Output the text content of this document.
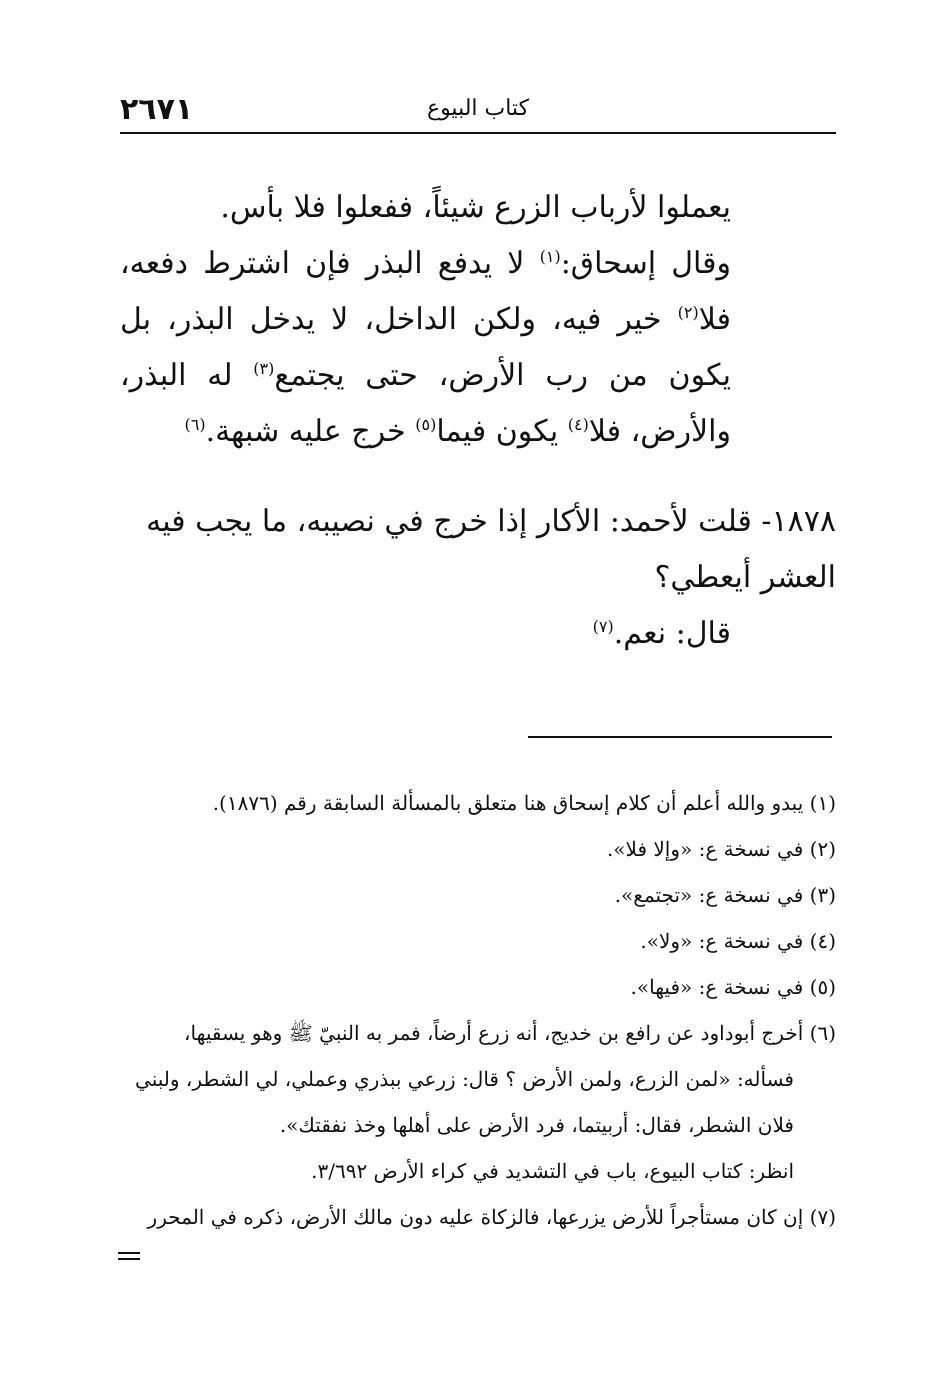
٢٦٧١	كتاب البيوع

يعملوا لأرباب الزرع شيئاً، ففعلوا فلا بأس.

وقال إسحاق:$^{(١)}$ لا يدفع البذر فإن اشترط دفعه، فلا$^{(٢)}$ خير فيه، ولكن الداخل، لا يدخل البذر، بل يكون من رب الأرض، حتى يجتمع$^{(٣)}$ له البذر، والأرض، فلا$^{(٤)}$ يكون فيما$^{(٥)}$ خرج عليه شبهة.$^{(٦)}$

١٨٧٨- قلت لأحمد: الأكار إذا خرج في نصيبه، ما يجب فيه العشر أيعطي؟

قال: نعم.$^{(٧)}$

(١) يبدو والله أعلم أن كلام إسحاق هنا متعلق بالمسألة السابقة رقم (١٨٧٦).

(٢) في نسخة ع: «وإلا فلا».

(٣) في نسخة ع: «تجتمع».

(٤) في نسخة ع: «ولا».

(٥) في نسخة ع: «فيها».

(٦) أخرج أبوداود عن رافع بن خديج، أنه زرع أرضاً، فمر به النبيّ ﷺ وهو يسقيها،

فسأله: «لمن الزرع، ولمن الأرض ؟ قال: زرعي ببذري وعملي، لي الشطر، ولبني

فلان الشطر، فقال: أربيتما، فرد الأرض على أهلها وخذ نفقتك».

انظر: كتاب البيوع، باب في التشديد في كراء الأرض ٣/٦٩٢.

(٧) إن كان مستأجراً للأرض يزرعها، فالزكاة عليه دون مالك الأرض، ذكره في المحرر
